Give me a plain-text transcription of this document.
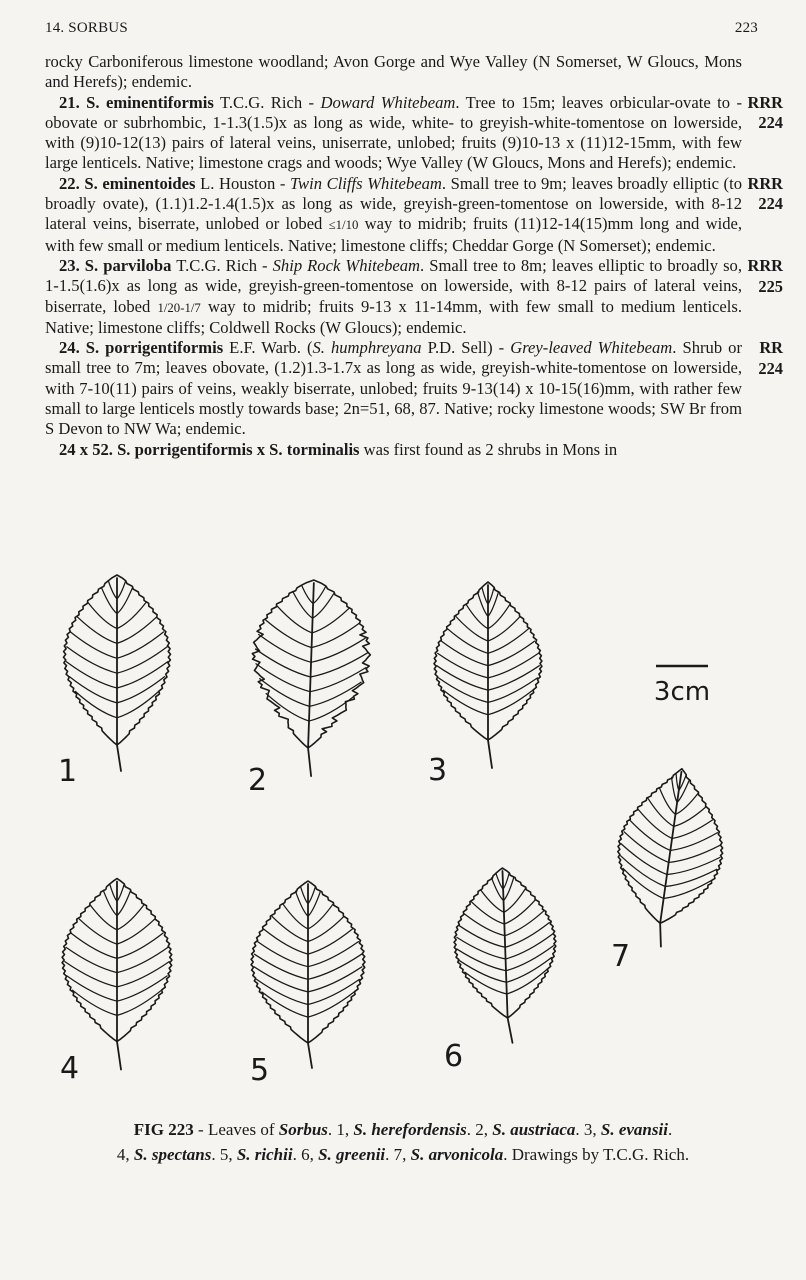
14. SORBUS	223
rocky Carboniferous limestone woodland; Avon Gorge and Wye Valley (N Somerset, W Gloucs, Mons and Herefs); endemic.
21. S. eminentiformis T.C.G. Rich - Doward Whitebeam. Tree to 15m; leaves orbicular-ovate to -obovate or subrhombic, 1-1.3(1.5)x as long as wide, white- to greyish-white-tomentose on lowerside, with (9)10-12(13) pairs of lateral veins, uniserrate, unlobed; fruits (9)10-13 x (11)12-15mm, with few large lenticels. Native; limestone crags and woods; Wye Valley (W Gloucs, Mons and Herefs); endemic.
RRR
224
22. S. eminentoides L. Houston - Twin Cliffs Whitebeam. Small tree to 9m; leaves broadly elliptic (to broadly ovate), (1.1)1.2-1.4(1.5)x as long as wide, greyish-green-tomentose on lowerside, with 8-12 lateral veins, biserrate, unlobed or lobed ≤1/10 way to midrib; fruits (11)12-14(15)mm long and wide, with few small or medium lenticels. Native; limestone cliffs; Cheddar Gorge (N Somerset); endemic.
RRR
224
23. S. parviloba T.C.G. Rich - Ship Rock Whitebeam. Small tree to 8m; leaves elliptic to broadly so, 1-1.5(1.6)x as long as wide, greyish-green-tomentose on lowerside, with 8-12 pairs of lateral veins, biserrate, lobed 1/20-1/7 way to midrib; fruits 9-13 x 11-14mm, with few small to medium lenticels. Native; limestone cliffs; Coldwell Rocks (W Gloucs); endemic.
RRR
225
24. S. porrigentiformis E.F. Warb. (S. humphreyana P.D. Sell) - Grey-leaved Whitebeam. Shrub or small tree to 7m; leaves obovate, (1.2)1.3-1.7x as long as wide, greyish-white-tomentose on lowerside, with 7-10(11) pairs of veins, weakly biserrate, unlobed; fruits 9-13(14) x 10-15(16)mm, with rather few small to large lenticels mostly towards base; 2n=51, 68, 87. Native; rocky limestone woods; SW Br from S Devon to NW Wa; endemic.
RR
224
24 x 52. S. porrigentiformis x S. torminalis was first found as 2 shrubs in Mons in
1	2	3
4	5	6
7
3cm
FIG 223 - Leaves of Sorbus. 1, S. herefordensis. 2, S. austriaca. 3, S. evansii.
4, S. spectans. 5, S. richii. 6, S. greenii. 7, S. arvonicola. Drawings by T.C.G. Rich.
